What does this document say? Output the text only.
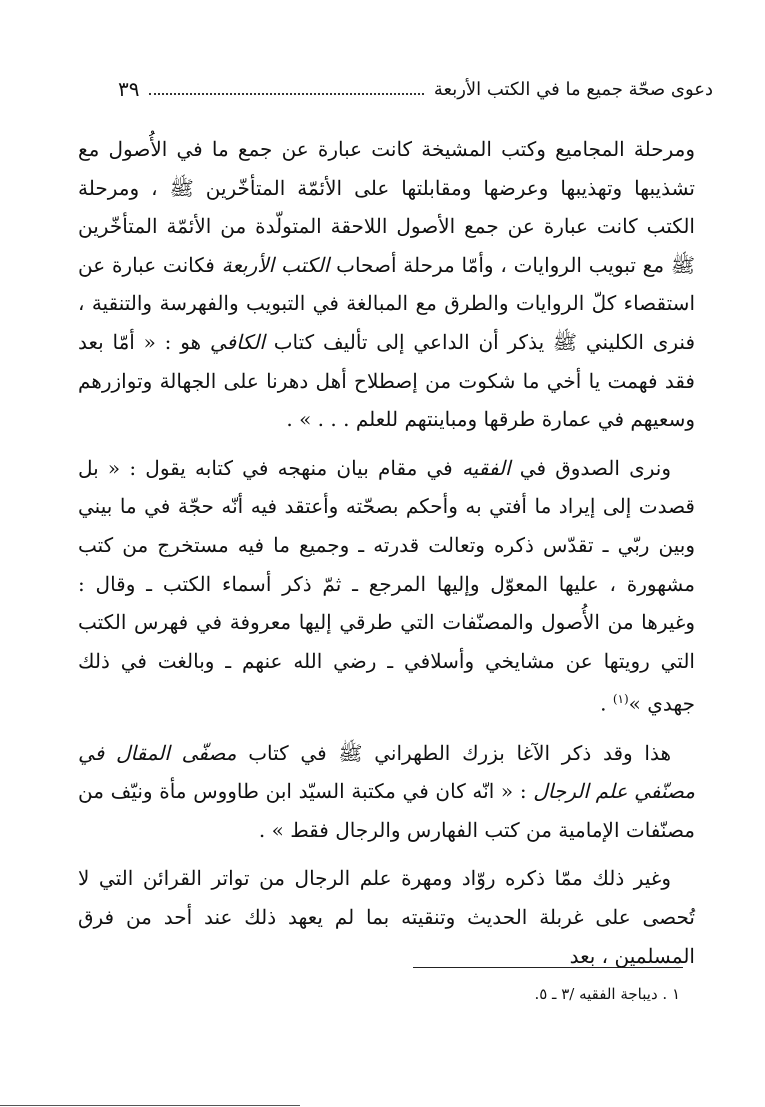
دعوى صحّة جميع ما في الكتب الأربعة
٣٩

ومرحلة المجاميع وكتب المشيخة كانت عبارة عن جمع ما في الأُصول مع تشذيبها وتهذيبها وعرضها ومقابلتها على الأئمّة المتأخّرين ﷺ ، ومرحلة الكتب كانت عبارة عن جمع الأصول اللاحقة المتولّدة من الأئمّة المتأخّرين ﷺ مع تبويب الروايات ، وأمّا مرحلة أصحاب الكتب الأربعة فكانت عبارة عن استقصاء كلّ الروايات والطرق مع المبالغة في التبويب والفهرسة والتنقية ، فنرى الكليني ﷺ يذكر أن الداعي إلى تأليف كتاب الكافي هو : « أمّا بعد فقد فهمت يا أخي ما شكوت من إصطلاح أهل دهرنا على الجهالة وتوازرهم وسعيهم في عمارة طرقها ومباينتهم للعلم . . . » .

ونرى الصدوق في الفقيه في مقام بيان منهجه في كتابه يقول : « بل قصدت إلى إيراد ما أفتي به وأحكم بصحّته وأعتقد فيه أنّه حجّة في ما بيني وبين ربّي ـ تقدّس ذكره وتعالت قدرته ـ وجميع ما فيه مستخرج من كتب مشهورة ، عليها المعوّل وإليها المرجع ـ ثمّ ذكر أسماء الكتب ـ وقال : وغيرها من الأُصول والمصنّفات التي طرقي إليها معروفة في فهرس الكتب التي رويتها عن مشايخي وأسلافي ـ رضي الله عنهم ـ وبالغت في ذلك جهدي »$^{(١)}$ .

هذا وقد ذكر الآغا بزرك الطهراني ﷺ في كتاب مصفّى المقال في مصنّفي علم الرجال : « انّه كان في مكتبة السيّد ابن طاووس مأة ونيّف من مصنّفات الإمامية من كتب الفهارس والرجال فقط » .

وغير ذلك ممّا ذكره روّاد ومهرة علم الرجال من تواتر القرائن التي لا تُحصى على غربلة الحديث وتنقيته بما لم يعهد ذلك عند أحد من فرق المسلمين ، بعد

١ . ديباجة الفقيه /٣ ـ ٥.
